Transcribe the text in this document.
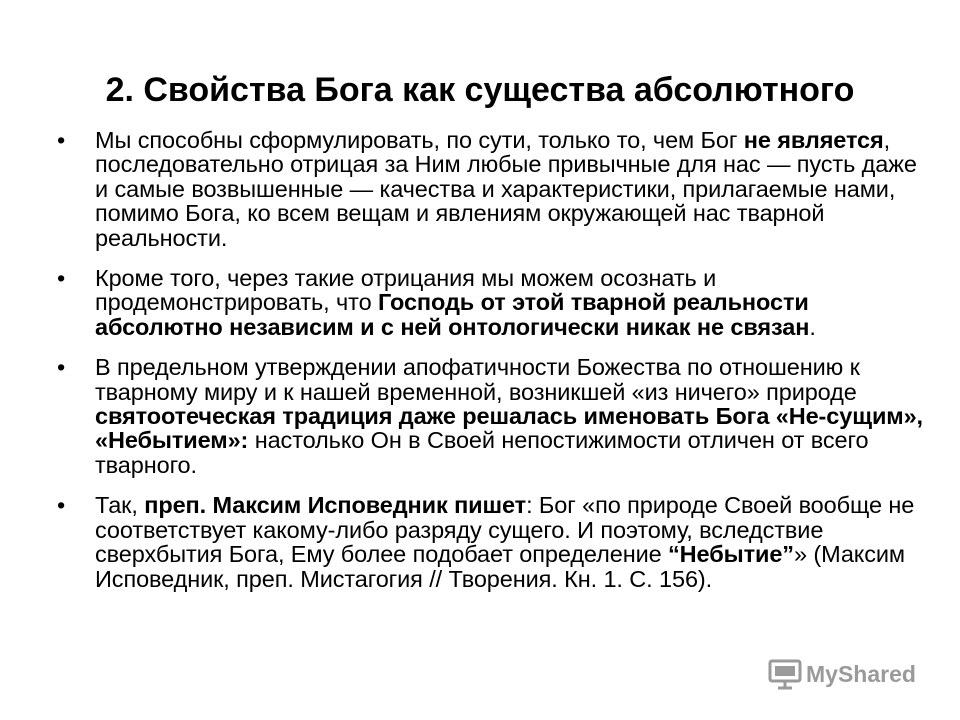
2. Свойства Бога как существа абсолютного
• Мы способны сформулировать, по сути, только то, чем Бог не является, последовательно отрицая за Ним любые привычные для нас — пусть даже и самые возвышенные — качества и характеристики, прилагаемые нами, помимо Бога, ко всем вещам и явлениям окружающей нас тварной реальности.
• Кроме того, через такие отрицания мы можем осознать и продемонстрировать, что Господь от этой тварной реальности абсолютно независим и с ней онтологически никак не связан.
• В предельном утверждении апофатичности Божества по отношению к тварному миру и к нашей временной, возникшей «из ничего» природе святоотеческая традиция даже решалась именовать Бога «Не-сущим», «Небытием»: настолько Он в Своей непостижимости отличен от всего тварного.
• Так, преп. Максим Исповедник пишет: Бог «по природе Своей вообще не соответствует какому-либо разряду сущего. И поэтому, вследствие сверхбытия Бога, Ему более подобает определение “Небытие”» (Максим Исповедник, преп. Мистагогия // Творения. Кн. 1. С. 156).
MyShared
